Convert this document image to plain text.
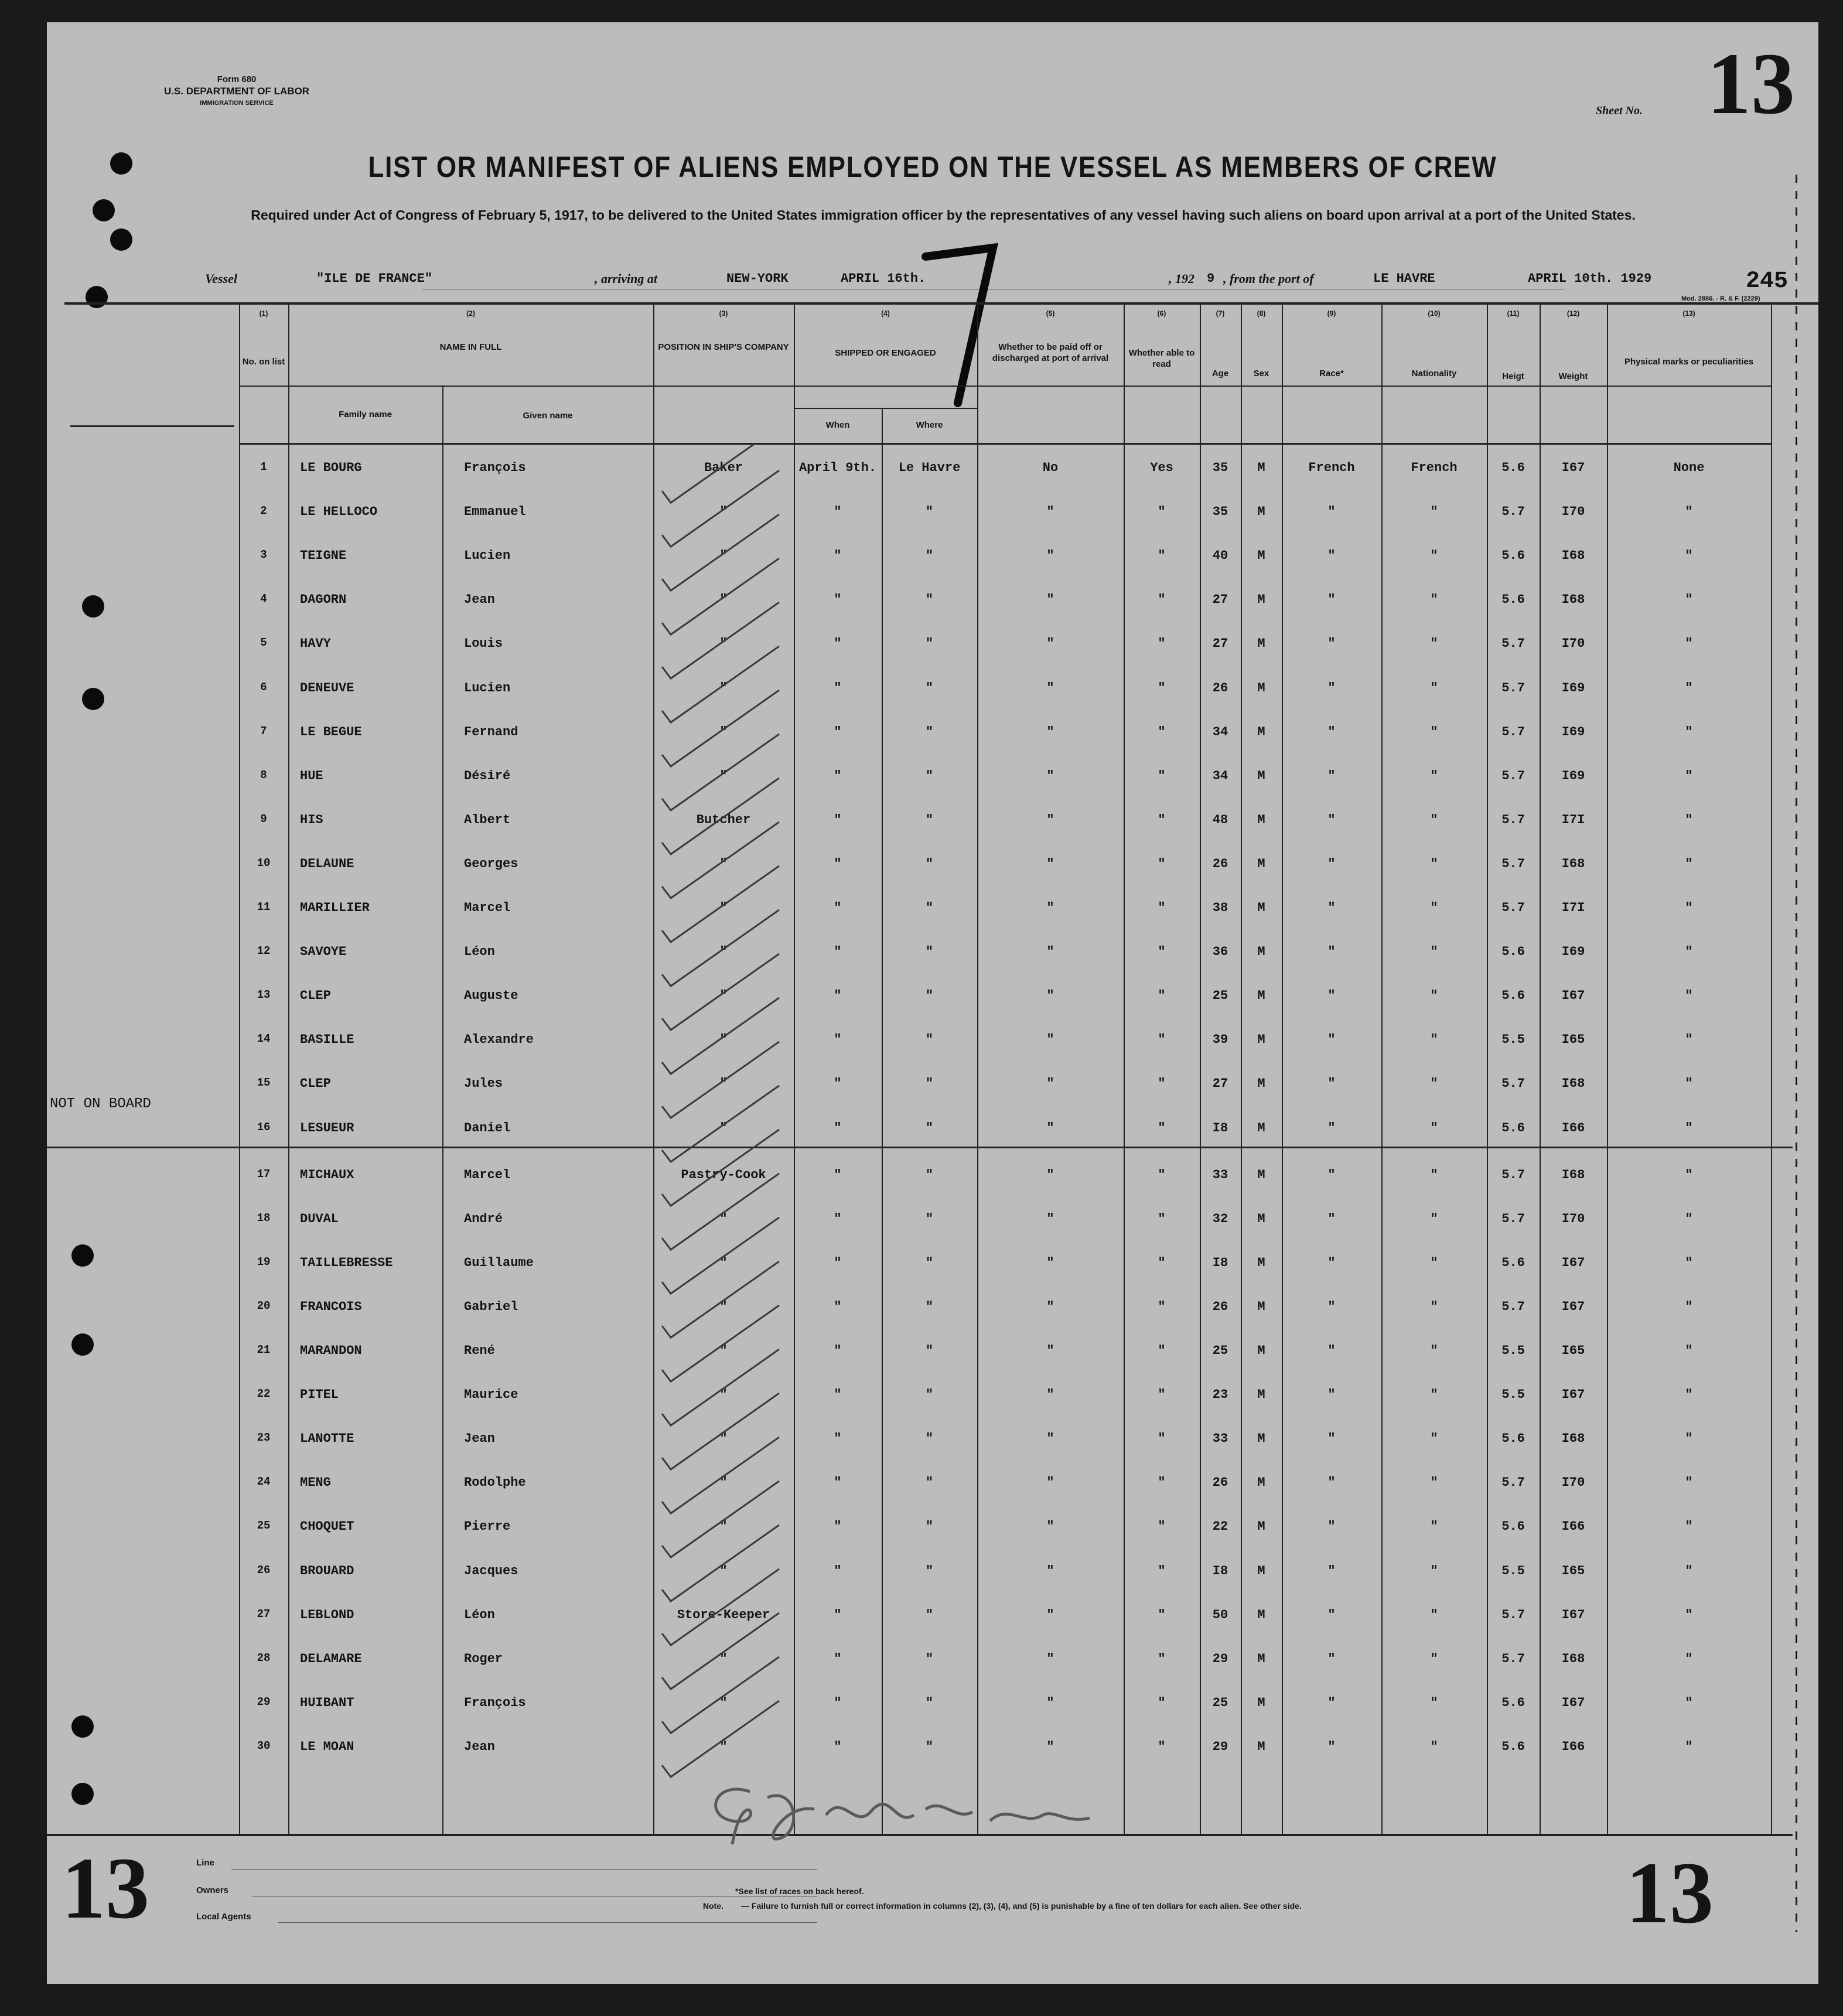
Form 680
U.S. DEPARTMENT OF LABOR
IMMIGRATION SERVICE
Sheet No. 13
LIST OR MANIFEST OF ALIENS EMPLOYED ON THE VESSEL AS MEMBERS OF CREW
Required under Act of Congress of February 5, 1917, to be delivered to the United States immigration officer by the representatives of any vessel having such aliens on board upon arrival at a port of the United States.
Vessel	"ILE DE FRANCE"	, arriving at	NEW-YORK	APRIL 16th.	, 192 9 , from the port of	LE HAVRE	APRIL 10th. 1929	245
Mod. 2886. - R. & F. (2229)
(1)	(2)	(3)	(4)	(5)	(6)	(7)	(8)	(9)	(10)	(11)	(12)	(13)
No. on list
NAME IN FULL
Family name	Given name
POSITION IN SHIP'S COMPANY
SHIPPED OR ENGAGED
When	Where
Whether to be paid off or discharged at port of arrival
Whether able to read
Age	Sex	Race*	Nationality	Heigt	Weight
Physical marks or peculiarities
1	LE BOURG	François	Baker	April 9th.	Le Havre	No	Yes	35	M	French	French	5.6	I67	None
2	LE HELLOCO	Emmanuel	"	"	"	"	"	35	M	"	"	5.7	I70	"
3	TEIGNE	Lucien	"	"	"	"	"	40	M	"	"	5.6	I68	"
4	DAGORN	Jean	"	"	"	"	"	27	M	"	"	5.6	I68	"
5	HAVY	Louis	"	"	"	"	"	27	M	"	"	5.7	I70	"
6	DENEUVE	Lucien	"	"	"	"	"	26	M	"	"	5.7	I69	"
7	LE BEGUE	Fernand	"	"	"	"	"	34	M	"	"	5.7	I69	"
8	HUE	Désiré	"	"	"	"	"	34	M	"	"	5.7	I69	"
9	HIS	Albert	Butcher	"	"	"	"	48	M	"	"	5.7	I7I	"
10	DELAUNE	Georges	"	"	"	"	"	26	M	"	"	5.7	I68	"
11	MARILLIER	Marcel	"	"	"	"	"	38	M	"	"	5.7	I7I	"
12	SAVOYE	Léon	"	"	"	"	"	36	M	"	"	5.6	I69	"
13	CLEP	Auguste	"	"	"	"	"	25	M	"	"	5.6	I67	"
14	BASILLE	Alexandre	"	"	"	"	"	39	M	"	"	5.5	I65	"
15	CLEP	Jules	"	"	"	"	"	27	M	"	"	5.7	I68	"
16	LESUEUR	Daniel	"	"	"	"	"	I8	M	"	"	5.6	I66	"
NOT ON BOARD
17	MICHAUX	Marcel	Pastry-Cook	"	"	"	"	33	M	"	"	5.7	I68	"
18	DUVAL	André	"	"	"	"	"	32	M	"	"	5.7	I70	"
19	TAILLEBRESSE	Guillaume	"	"	"	"	"	I8	M	"	"	5.6	I67	"
20	FRANCOIS	Gabriel	"	"	"	"	"	26	M	"	"	5.7	I67	"
21	MARANDON	René	"	"	"	"	"	25	M	"	"	5.5	I65	"
22	PITEL	Maurice	"	"	"	"	"	23	M	"	"	5.5	I67	"
23	LANOTTE	Jean	"	"	"	"	"	33	M	"	"	5.6	I68	"
24	MENG	Rodolphe	"	"	"	"	"	26	M	"	"	5.7	I70	"
25	CHOQUET	Pierre	"	"	"	"	"	22	M	"	"	5.6	I66	"
26	BROUARD	Jacques	"	"	"	"	"	I8	M	"	"	5.5	I65	"
27	LEBLOND	Léon	Store-Keeper	"	"	"	"	50	M	"	"	5.7	I67	"
28	DELAMARE	Roger	"	"	"	"	"	29	M	"	"	5.7	I68	"
29	HUIBANT	François	"	"	"	"	"	25	M	"	"	5.6	I67	"
30	LE MOAN	Jean	"	"	"	"	"	29	M	"	"	5.6	I66	"
Line
Owners
Local Agents
*See list of races on back hereof.
Note. — Failure to furnish full or correct information in columns (2), (3), (4), and (5) is punishable by a fine of ten dollars for each alien. See other side.
13	13
